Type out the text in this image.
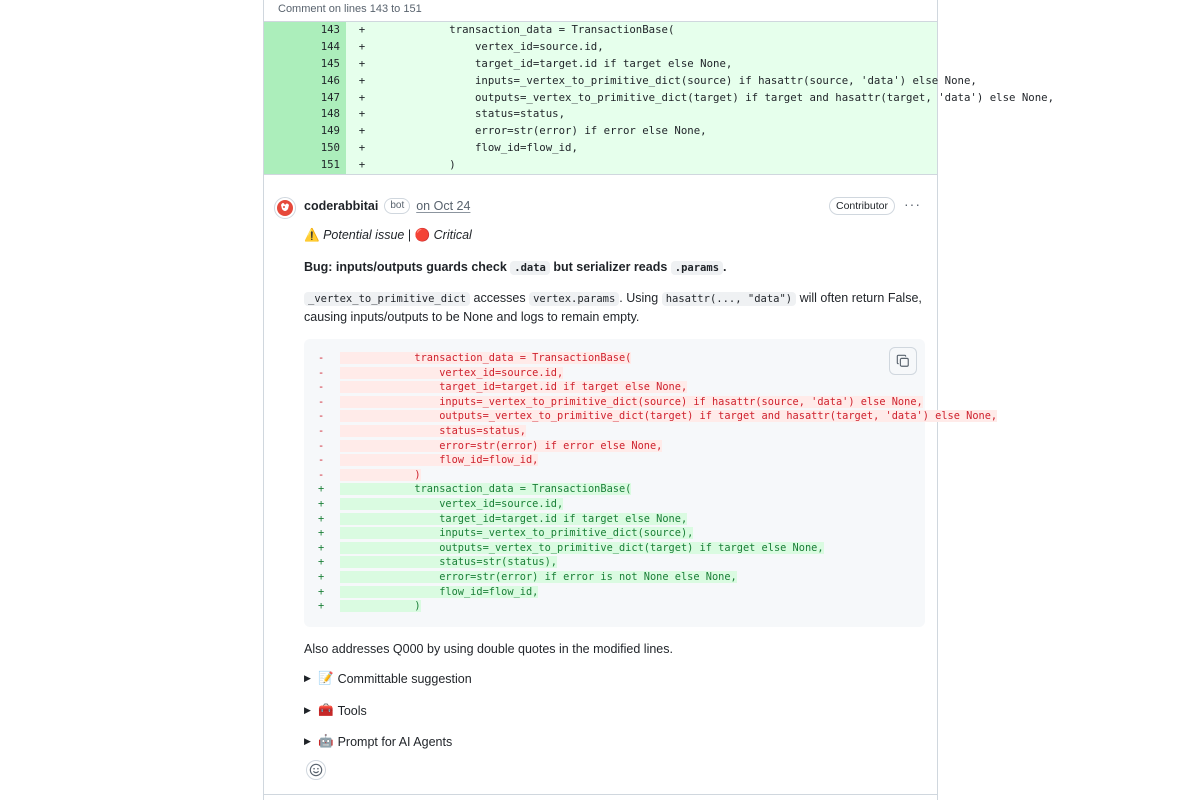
Comment on lines 143 to 151
143	+ transaction_data = TransactionBase(
144	+ vertex_id=source.id,
145	+ target_id=target.id if target else None,
146	+ inputs=_vertex_to_primitive_dict(source) if hasattr(source, 'data') else None,
147	+ outputs=_vertex_to_primitive_dict(target) if target and hasattr(target, 'data') else None,
148	+ status=status,
149	+ error=str(error) if error else None,
150	+ flow_id=flow_id,
151	+ )
coderabbitai	bot on Oct 24	Contributor	···
⚠️ Potential issue | 🔴 Critical
Bug: inputs/outputs guards check .data but serializer reads .params .
_vertex_to_primitive_dict accesses vertex.params . Using hasattr(..., "data") will often return False,
causing inputs/outputs to be None and logs to remain empty.
-	transaction_data = TransactionBase(
-	vertex_id=source.id,
-	target_id=target.id if target else None,
-	inputs=_vertex_to_primitive_dict(source) if hasattr(source, 'data') else None,
-	outputs=_vertex_to_primitive_dict(target) if target and hasattr(target, 'data') else None,
-	status=status,
-	error=str(error) if error else None,
-	flow_id=flow_id,
-	)
+	transaction_data = TransactionBase(
+	vertex_id=source.id,
+	target_id=target.id if target else None,
+	inputs=_vertex_to_primitive_dict(source),
+	outputs=_vertex_to_primitive_dict(target) if target else None,
+	status=str(status),
+	error=str(error) if error is not None else None,
+	flow_id=flow_id,
+	)
Also addresses Q000 by using double quotes in the modified lines.
▶ 📝 Committable suggestion
▶ 🧰 Tools
▶ 🤖 Prompt for AI Agents
